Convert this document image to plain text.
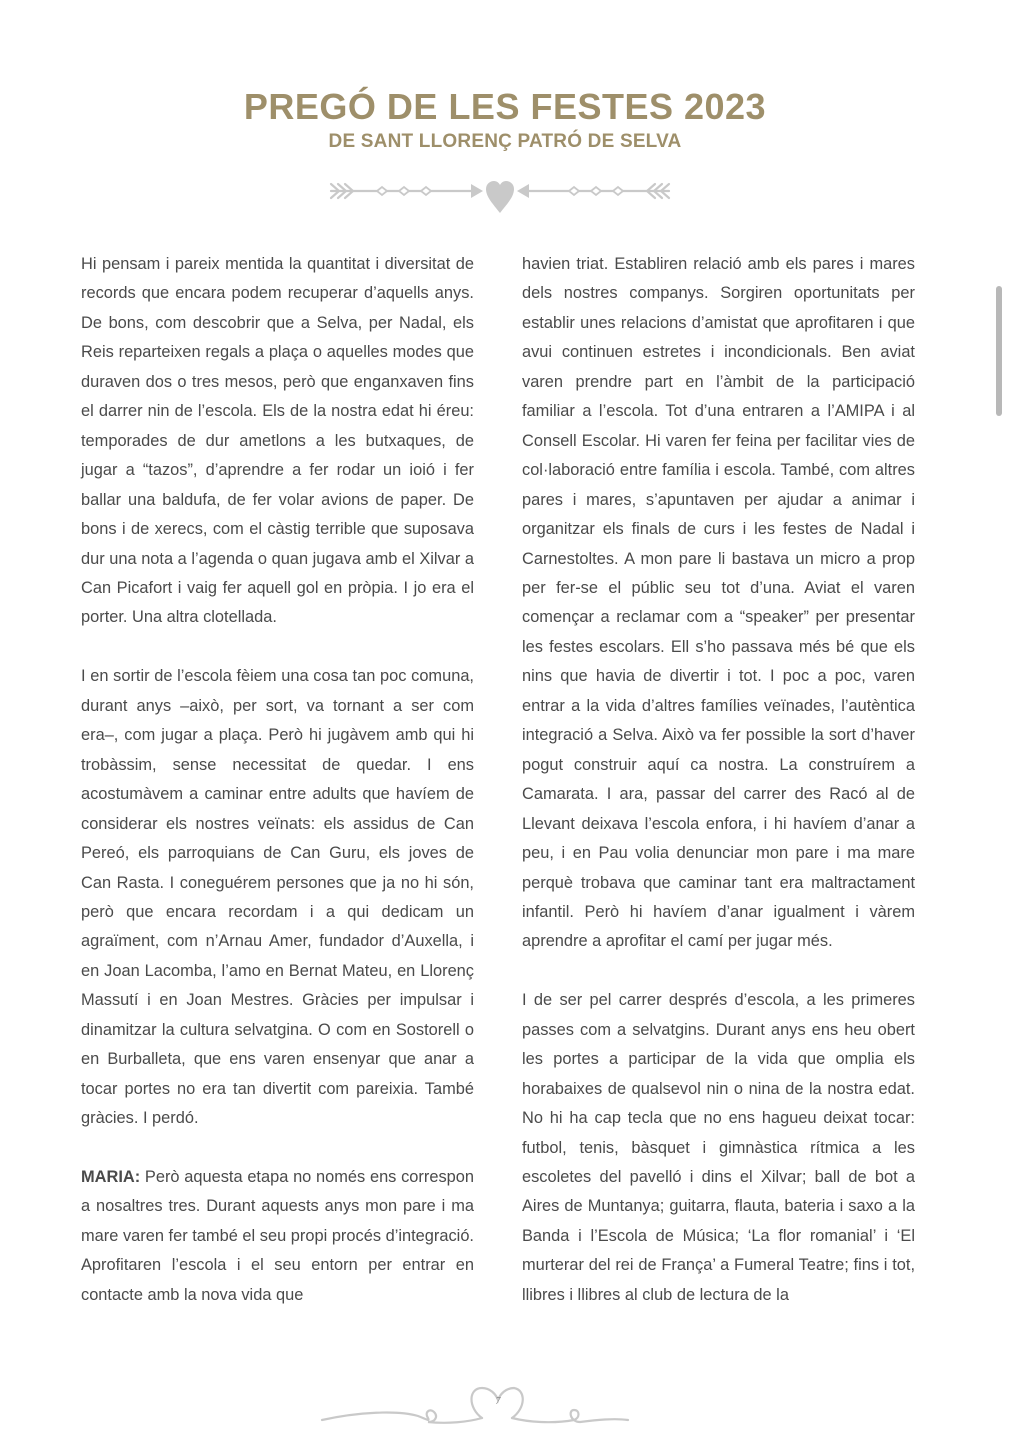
PREGÓ DE LES FESTES 2023
DE SANT LLORENÇ PATRÓ DE SELVA

Hi pensam i pareix mentida la quantitat i diversitat de records que encara podem recuperar d’aquells anys. De bons, com descobrir que a Selva, per Nadal, els Reis reparteixen regals a plaça o aquelles modes que duraven dos o tres mesos, però que enganxaven fins el darrer nin de l’escola. Els de la nostra edat hi éreu: temporades de dur ametlons a les butxaques, de jugar a “tazos”, d’aprendre a fer rodar un ioió i fer ballar una baldufa, de fer volar avions de paper. De bons i de xerecs, com el càstig terrible que suposava dur una nota a l’agenda o quan jugava amb el Xilvar a Can Picafort i vaig fer aquell gol en pròpia. I jo era el porter. Una altra clotellada.

I en sortir de l’escola fèiem una cosa tan poc comuna, durant anys –això, per sort, va tornant a ser com era–, com jugar a plaça. Però hi jugàvem amb qui hi trobàssim, sense necessitat de quedar. I ens acostumàvem a caminar entre adults que havíem de considerar els nostres veïnats: els assidus de Can Pereó, els parroquians de Can Guru, els joves de Can Rasta. I coneguérem persones que ja no hi són, però que encara recordam i a qui dedicam un agraïment, com n’Arnau Amer, fundador d’Auxella, i en Joan Lacomba, l’amo en Bernat Mateu, en Llorenç Massutí i en Joan Mestres. Gràcies per impulsar i dinamitzar la cultura selvatgina. O com en Sostorell o en Burballeta, que ens varen ensenyar que anar a tocar portes no era tan divertit com pareixia. També gràcies. I perdó.

MARIA: Però aquesta etapa no només ens correspon a nosaltres tres. Durant aquests anys mon pare i ma mare varen fer també el seu propi procés d’integració. Aprofitaren l’escola i el seu entorn per entrar en contacte amb la nova vida que

havien triat. Establiren relació amb els pares i mares dels nostres companys. Sorgiren oportunitats per establir unes relacions d’amistat que aprofitaren i que avui continuen estretes i incondicionals. Ben aviat varen prendre part en l’àmbit de la participació familiar a l’escola. Tot d’una entraren a l’AMIPA i al Consell Escolar. Hi varen fer feina per facilitar vies de col·laboració entre família i escola. També, com altres pares i mares, s’apuntaven per ajudar a animar i organitzar els finals de curs i les festes de Nadal i Carnestoltes. A mon pare li bastava un micro a prop per fer-se el públic seu tot d’una. Aviat el varen començar a reclamar com a “speaker” per presentar les festes escolars. Ell s’ho passava més bé que els nins que havia de divertir i tot. I poc a poc, varen entrar a la vida d’altres famílies veïnades, l’autèntica integració a Selva. Això va fer possible la sort d’haver pogut construir aquí ca nostra. La construírem a Camarata. I ara, passar del carrer des Racó al de Llevant deixava l’escola enfora, i hi havíem d’anar a peu, i en Pau volia denunciar mon pare i ma mare perquè trobava que caminar tant era maltractament infantil. Però hi havíem d’anar igualment i vàrem aprendre a aprofitar el camí per jugar més.

I de ser pel carrer després d’escola, a les primeres passes com a selvatgins. Durant anys ens heu obert les portes a participar de la vida que omplia els horabaixes de qualsevol nin o nina de la nostra edat. No hi ha cap tecla que no ens hagueu deixat tocar: futbol, tenis, bàsquet i gimnàstica rítmica a les escoletes del pavelló i dins el Xilvar; ball de bot a Aires de Muntanya; guitarra, flauta, bateria i saxo a la Banda i l’Escola de Música; ‘La flor romanial’ i ‘El murterar del rei de França’ a Fumeral Teatre; fins i tot, llibres i llibres al club de lectura de la

7
